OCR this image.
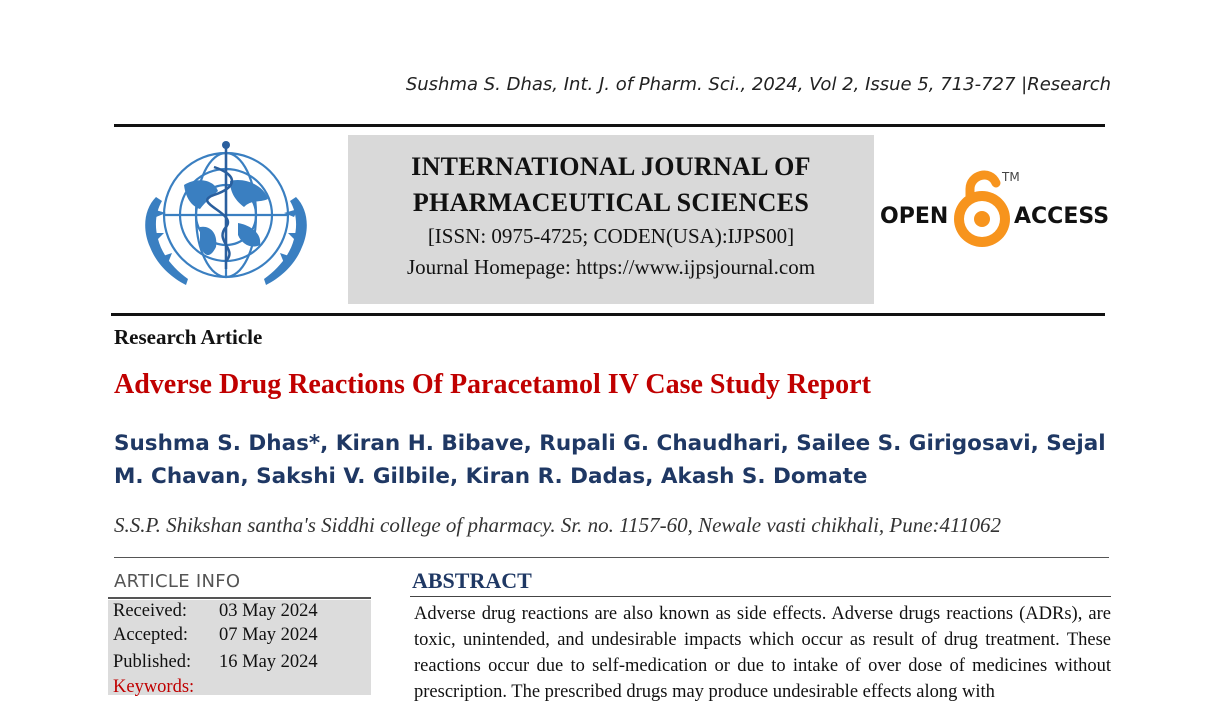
Sushma S. Dhas, Int. J. of Pharm. Sci., 2024, Vol 2, Issue 5, 713-727 |Research
INTERNATIONAL JOURNAL OF
PHARMACEUTICAL SCIENCES
[ISSN: 0975-4725; CODEN(USA):IJPS00]
Journal Homepage: https://www.ijpsjournal.com
OPEN
TM
ACCESS
Research Article
Adverse Drug Reactions Of Paracetamol IV Case Study Report
Sushma S. Dhas*, Kiran H. Bibave, Rupali G. Chaudhari, Sailee S. Girigosavi, Sejal
M. Chavan, Sakshi V. Gilbile, Kiran R. Dadas, Akash S. Domate
S.S.P. Shikshan santha's Siddhi college of pharmacy. Sr. no. 1157-60, Newale vasti chikhali, Pune:411062
ARTICLE INFO
Received: 03 May 2024
Accepted: 07 May 2024
Published: 16 May 2024
Keywords:
ABSTRACT
Adverse drug reactions are also known as side effects. Adverse drugs reactions (ADRs), are toxic, unintended, and undesirable impacts which occur as result of drug treatment. These reactions occur due to self-medication or due to intake of over dose of medicines without prescription. The prescribed drugs may produce undesirable effects along with
